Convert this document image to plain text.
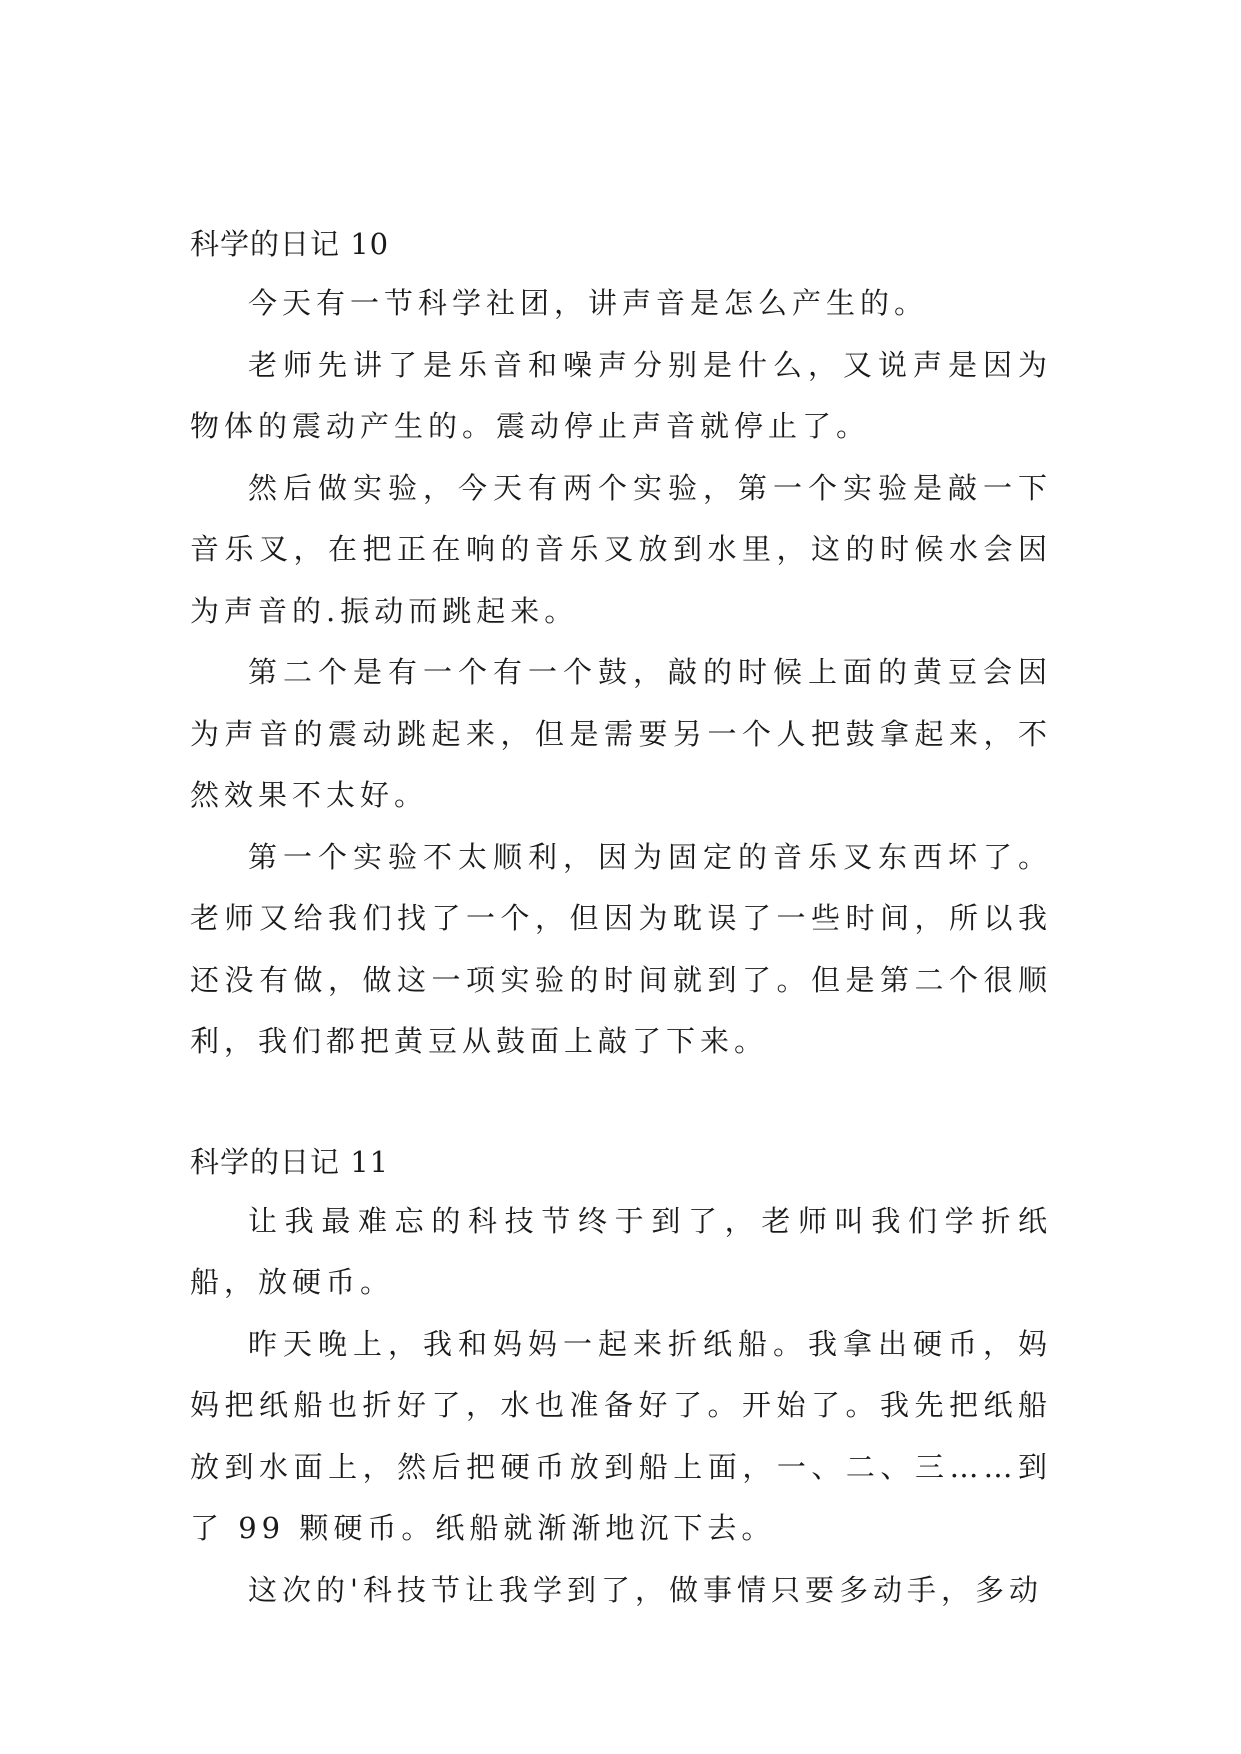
科学的日记 10

今天有一节科学社团，讲声音是怎么产生的。

老师先讲了是乐音和噪声分别是什么，又说声是因为物体的震动产生的。震动停止声音就停止了。

然后做实验，今天有两个实验，第一个实验是敲一下音乐叉，在把正在响的音乐叉放到水里，这的时候水会因为声音的.振动而跳起来。

第二个是有一个有一个鼓，敲的时候上面的黄豆会因为声音的震动跳起来，但是需要另一个人把鼓拿起来，不然效果不太好。

第一个实验不太顺利，因为固定的音乐叉东西坏了。老师又给我们找了一个，但因为耽误了一些时间，所以我还没有做，做这一项实验的时间就到了。但是第二个很顺利，我们都把黄豆从鼓面上敲了下来。

科学的日记 11

让我最难忘的科技节终于到了，老师叫我们学折纸船，放硬币。

昨天晚上，我和妈妈一起来折纸船。我拿出硬币，妈妈把纸船也折好了，水也准备好了。开始了。我先把纸船放到水面上，然后把硬币放到船上面，一、二、三……到了 99 颗硬币。纸船就渐渐地沉下去。

这次的'科技节让我学到了，做事情只要多动手，多动
